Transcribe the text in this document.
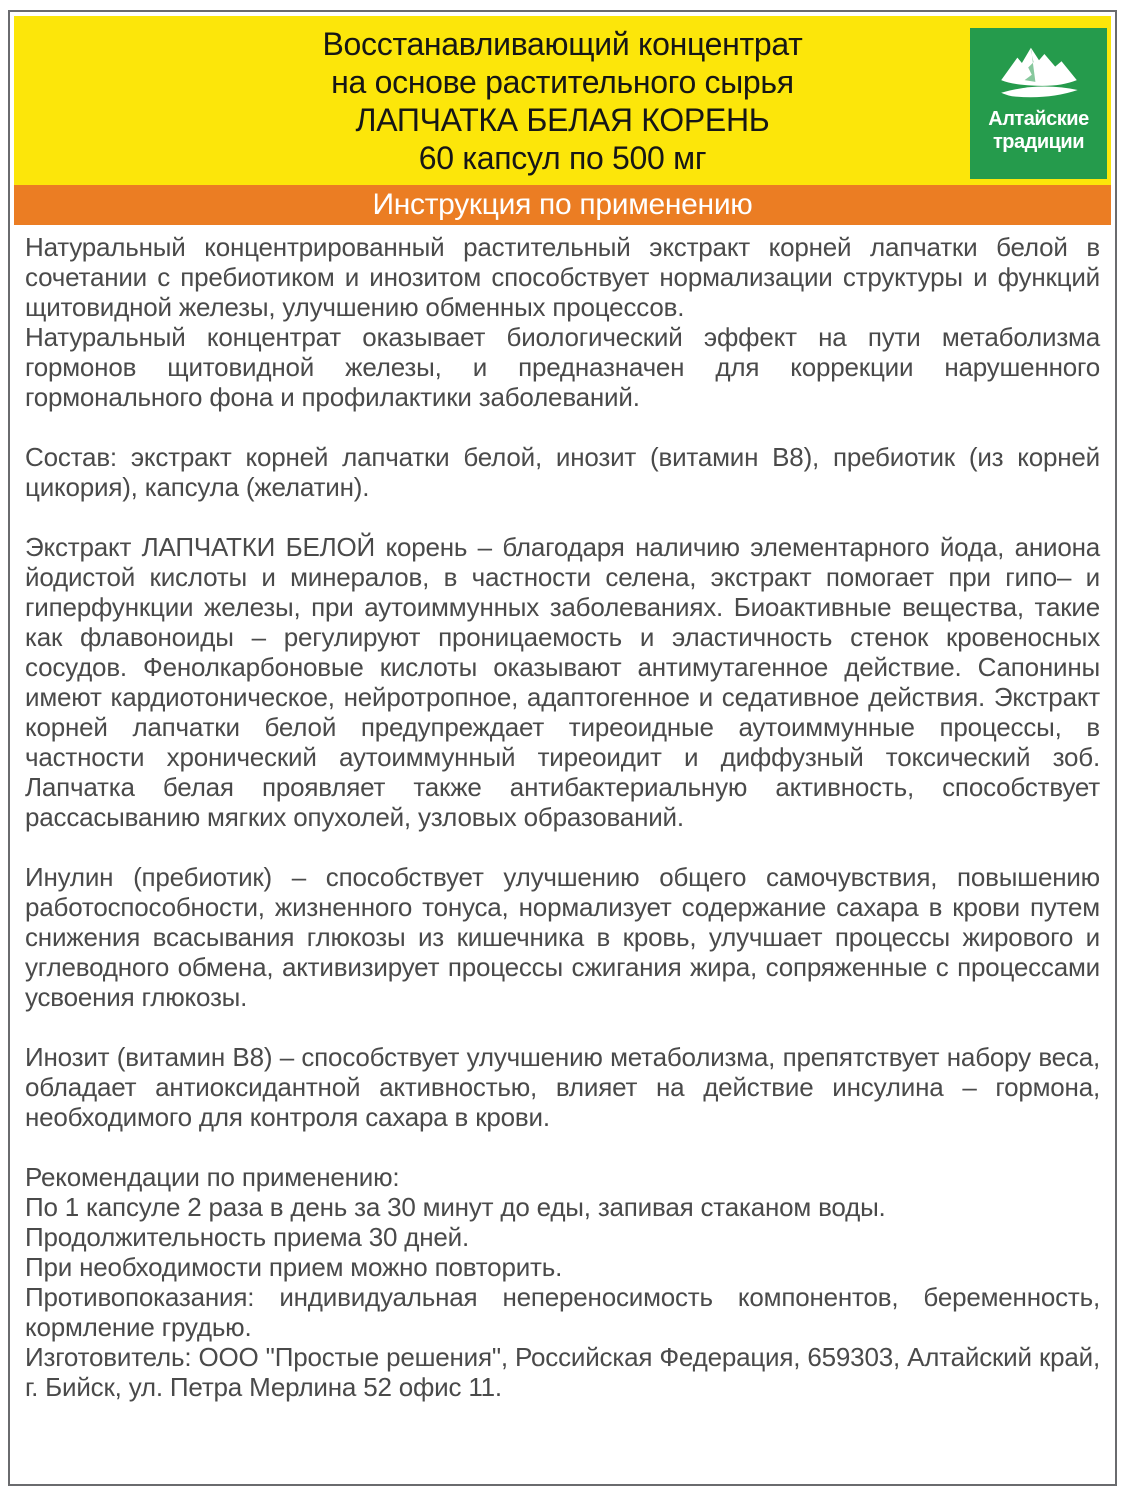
Восстанавливающий концентрат
на основе растительного сырья
ЛАПЧАТКА БЕЛАЯ КОРЕНЬ
60 капсул по 500 мг
Алтайские
традиции
Инструкция по применению

Натуральный концентрированный растительный экстракт корней лапчатки белой в сочетании с пребиотиком и инозитом способствует нормализации структуры и функций щитовидной железы, улучшению обменных процессов.

Натуральный концентрат оказывает биологический эффект на пути метаболизма гормонов щитовидной железы, и предназначен для коррекции нарушенного гормонального фона и профилактики заболеваний.

Состав: экстракт корней лапчатки белой, инозит (витамин В8), пребиотик (из корней цикория), капсула (желатин).

Экстракт ЛАПЧАТКИ БЕЛОЙ корень – благодаря наличию элементарного йода, аниона йодистой кислоты и минералов, в частности селена, экстракт помогает при гипо– и гиперфункции железы, при аутоиммунных заболеваниях. Биоактивные вещества, такие как флавоноиды – регулируют проницаемость и эластичность стенок кровеносных сосудов. Фенолкарбоновые кислоты оказывают антимутагенное действие. Сапонины имеют кардиотоническое, нейротропное, адаптогенное и седативное действия. Экстракт корней лапчатки белой предупреждает тиреоидные аутоиммунные процессы, в частности хронический аутоиммунный тиреоидит и диффузный токсический зоб. Лапчатка белая проявляет также антибактериальную активность, способствует рассасыванию мягких опухолей, узловых образований.

Инулин (пребиотик) – способствует улучшению общего самочувствия, повышению работоспособности, жизненного тонуса, нормализует содержание сахара в крови путем снижения всасывания глюкозы из кишечника в кровь, улучшает процессы жирового и углеводного обмена, активизирует процессы сжигания жира, сопряженные с процессами усвоения глюкозы.

Инозит (витамин В8) – способствует улучшению метаболизма, препятствует набору веса, обладает антиоксидантной активностью, влияет на действие инсулина – гормона, необходимого для контроля сахара в крови.

Рекомендации по применению:

По 1 капсуле 2 раза в день за 30 минут до еды, запивая стаканом воды.

Продолжительность приема 30 дней.

При необходимости прием можно повторить.

Противопоказания: индивидуальная непереносимость компонентов, беременность, кормление грудью.

Изготовитель: ООО "Простые решения", Российская Федерация, 659303, Алтайский край, г. Бийск, ул. Петра Мерлина 52 офис 11.
